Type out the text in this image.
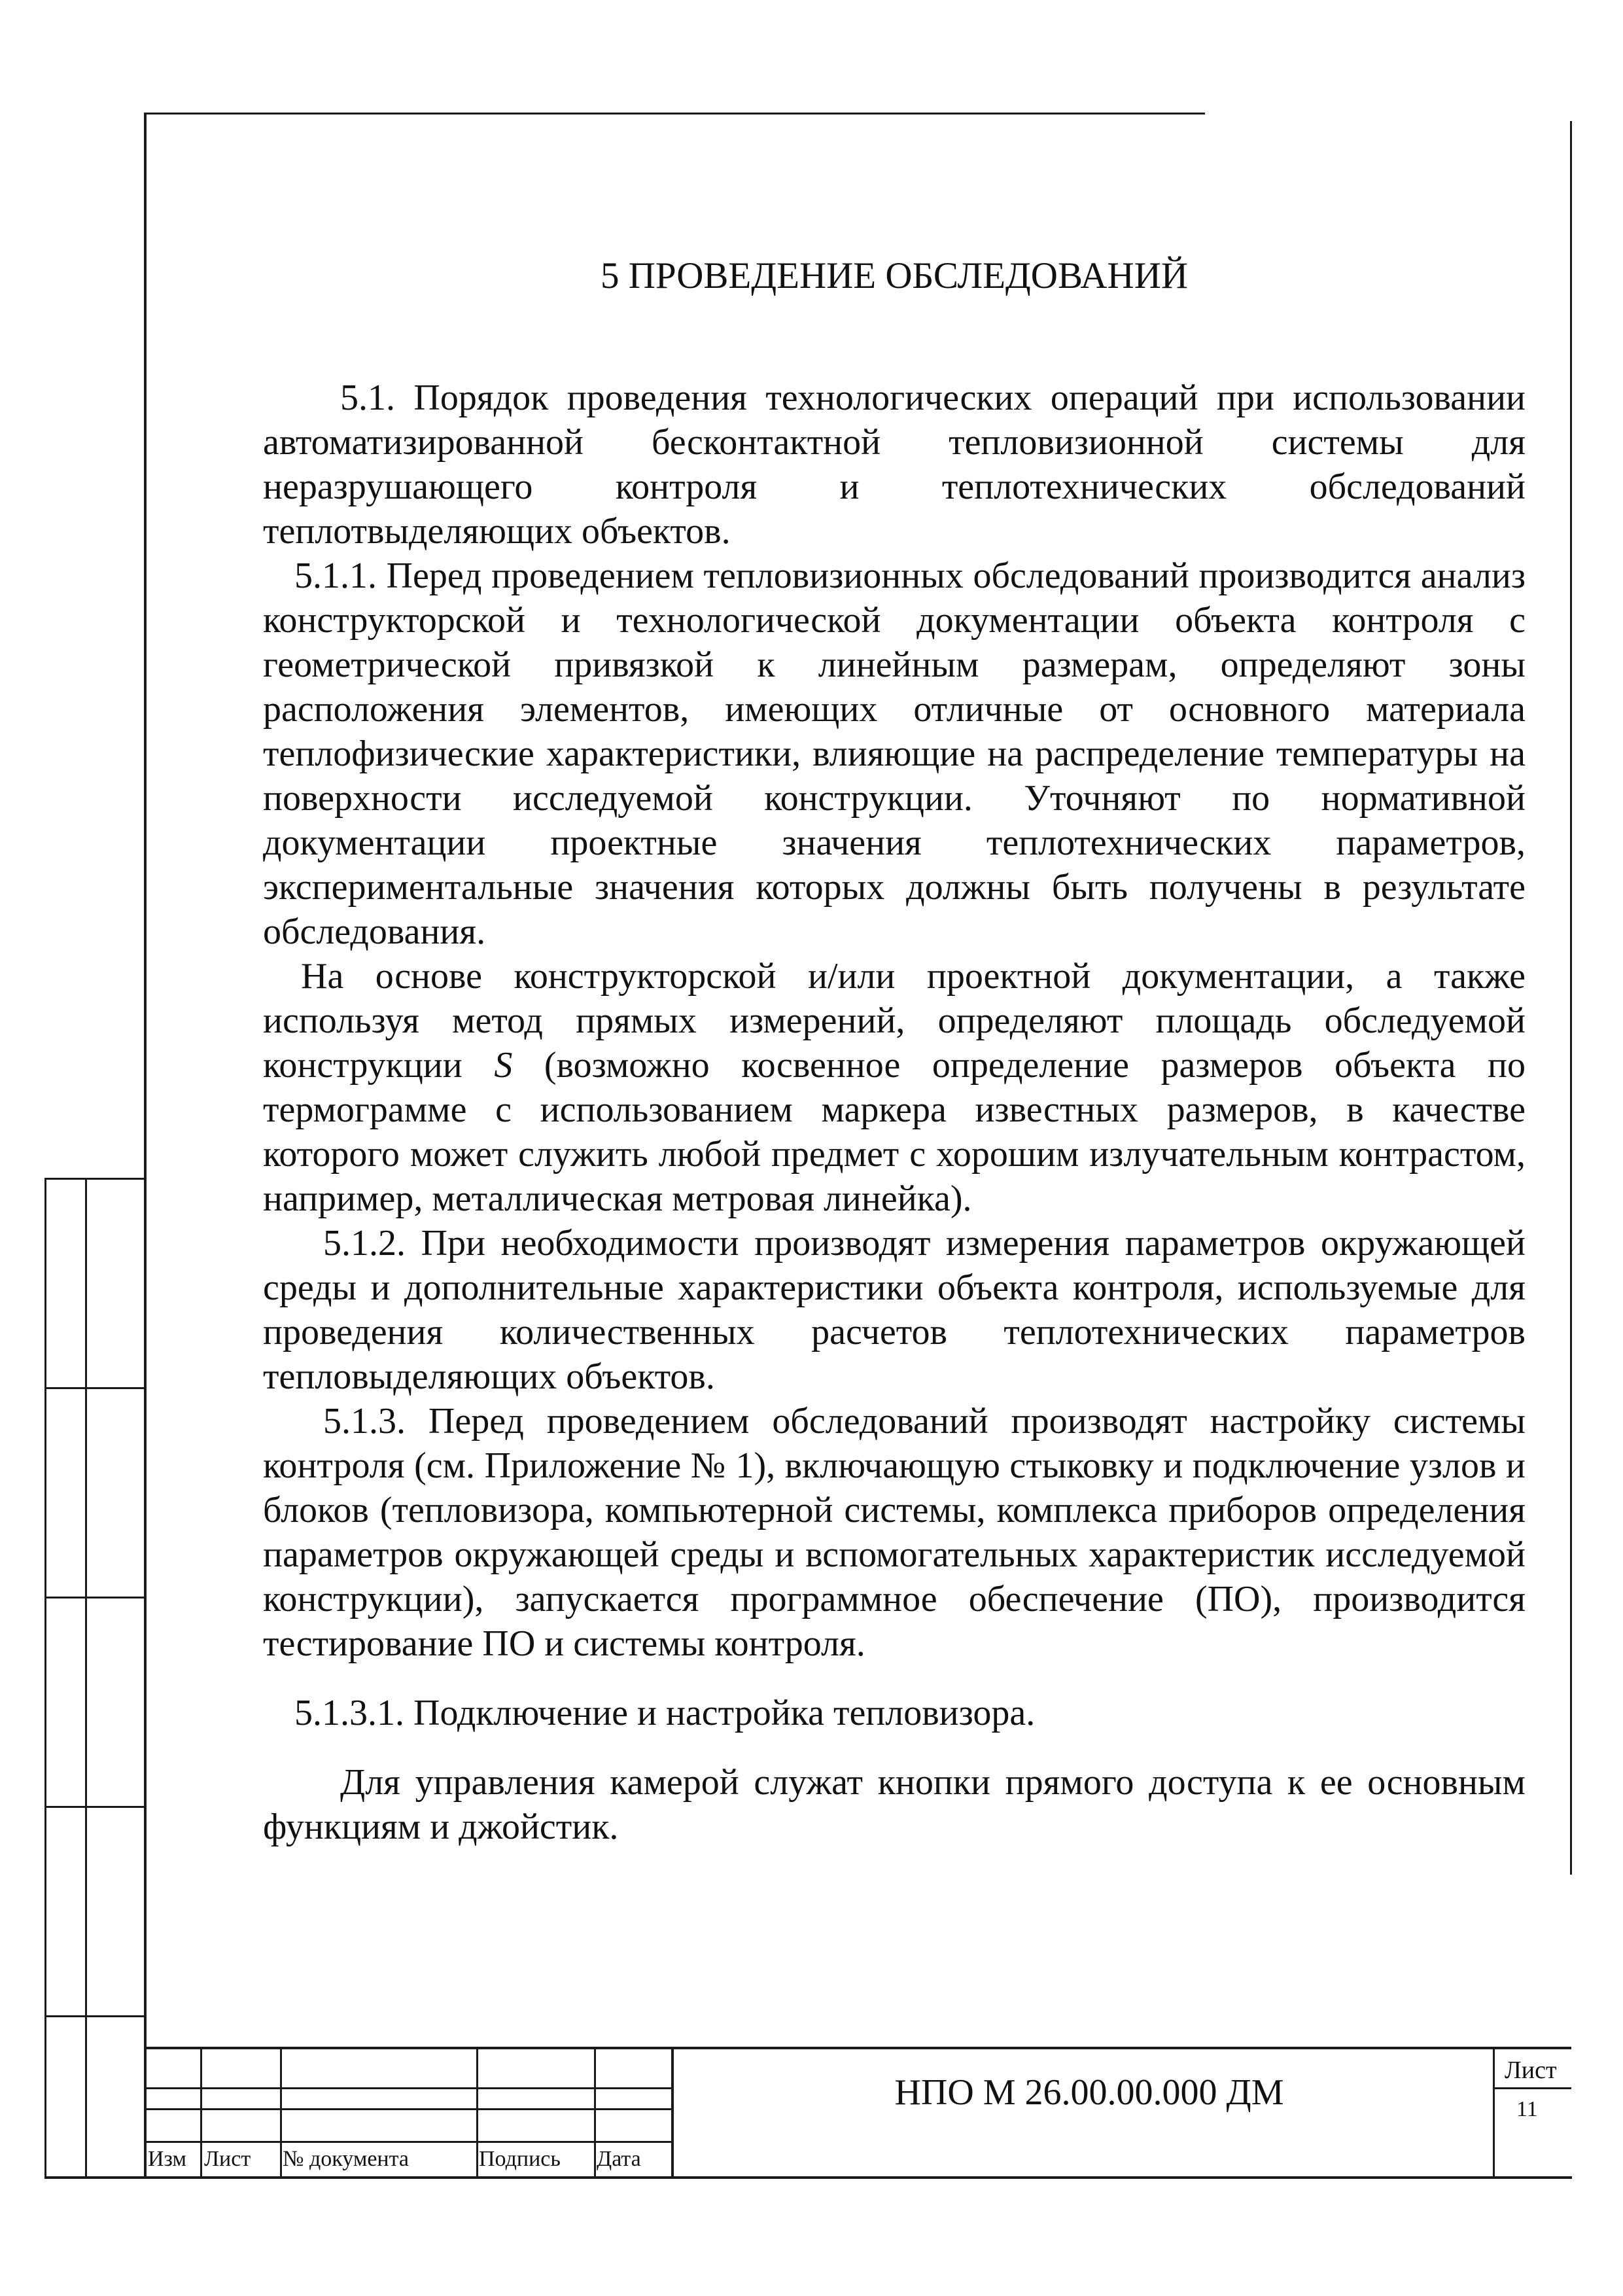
5 ПРОВЕДЕНИЕ ОБСЛЕДОВАНИЙ

5.1. Порядок проведения технологических операций при использовании автоматизированной бесконтактной тепловизионной системы для неразрушающего контроля и теплотехнических обследований теплотвыделяющих объектов.

5.1.1. Перед проведением тепловизионных обследований производится анализ конструкторской и технологической документации объекта контроля с геометрической привязкой к линейным размерам, определяют зоны расположения элементов, имеющих отличные от основного материала теплофизические характеристики, влияющие на распределение температуры на поверхности исследуемой конструкции. Уточняют по нормативной документации проектные значения теплотехнических параметров, экспериментальные значения которых должны быть получены в результате обследования.

На основе конструкторской и/или проектной документации, а также используя метод прямых измерений, определяют площадь обследуемой конструкции S (возможно косвенное определение размеров объекта по термограмме с использованием маркера известных размеров, в качестве которого может служить любой предмет с хорошим излучательным контрастом, например, металлическая метровая линейка).

5.1.2. При необходимости производят измерения параметров окружающей среды и дополнительные характеристики объекта контроля, используемые для проведения количественных расчетов теплотехнических параметров тепловыделяющих объектов.

5.1.3. Перед проведением обследований производят настройку системы контроля (см. Приложение № 1), включающую стыковку и подключение узлов и блоков (тепловизора, компьютерной системы, комплекса приборов определения параметров окружающей среды и вспомогательных характеристик исследуемой конструкции), запускается программное обеспечение (ПО), производится тестирование ПО и системы контроля.

5.1.3.1. Подключение и настройка тепловизора.

Для управления камерой служат кнопки прямого доступа к ее основным функциям и джойстик.

Изм Лист № документа	Подпись Дата
НПО М 26.00.00.000 ДМ
Лист
11
